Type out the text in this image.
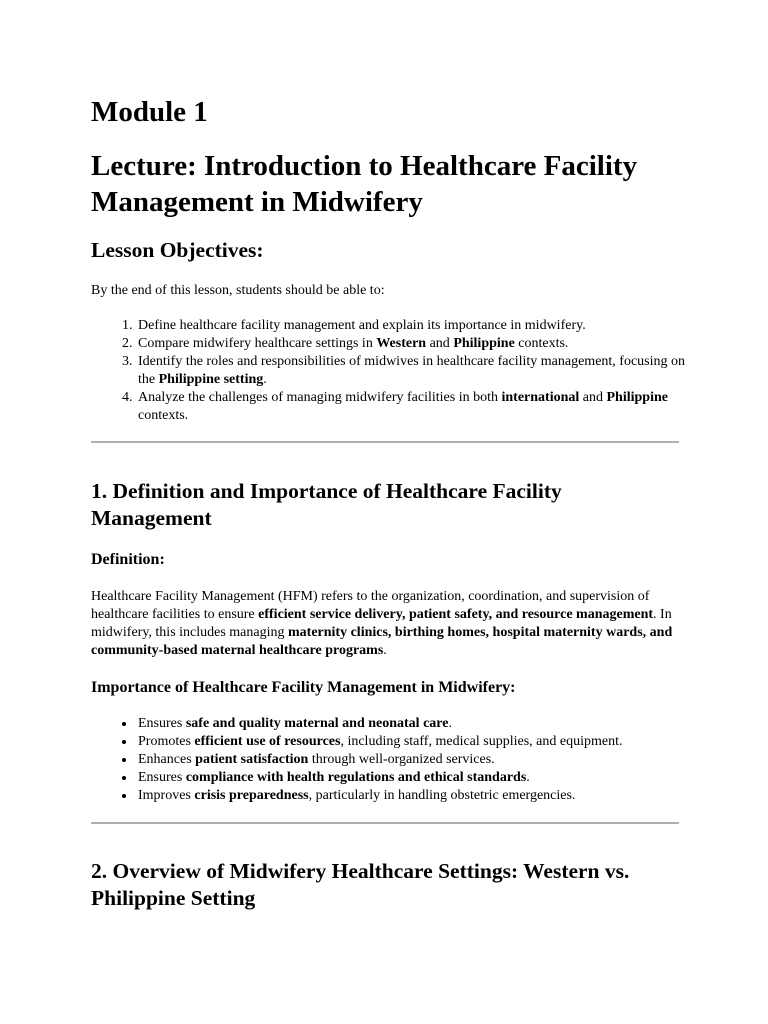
Module 1
Lecture: Introduction to Healthcare Facility Management in Midwifery
Lesson Objectives:

By the end of this lesson, students should be able to:

1. Define healthcare facility management and explain its importance in midwifery.
2. Compare midwifery healthcare settings in Western and Philippine contexts.
3. Identify the roles and responsibilities of midwives in healthcare facility management, focusing on the Philippine setting.
4. Analyze the challenges of managing midwifery facilities in both international and Philippine contexts.
1. Definition and Importance of Healthcare Facility Management
Definition:

Healthcare Facility Management (HFM) refers to the organization, coordination, and supervision of healthcare facilities to ensure efficient service delivery, patient safety, and resource management. In midwifery, this includes managing maternity clinics, birthing homes, hospital maternity wards, and community-based maternal healthcare programs.

Importance of Healthcare Facility Management in Midwifery:
• Ensures safe and quality maternal and neonatal care.
• Promotes efficient use of resources, including staff, medical supplies, and equipment.
• Enhances patient satisfaction through well-organized services.
• Ensures compliance with health regulations and ethical standards.
• Improves crisis preparedness, particularly in handling obstetric emergencies.
2. Overview of Midwifery Healthcare Settings: Western vs. Philippine Setting
